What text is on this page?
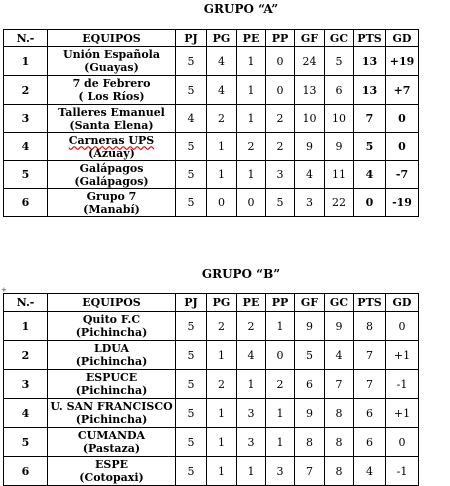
GRUPO “A”
N.-	EQUIPOS	PJ	PG	PE	PP	GF	GC	PTS	GD
1	Unión Española
(Guayas)	5	4	1	0	24	5	13	+19
2	7 de Febrero
( Los Ríos)	5	4	1	0	13	6	13	+7
3	Talleres Emanuel
(Santa Elena)	4	2	1	2	10	10	7	0
4	Carneras UPS
(Azuay)	5	1	2	2	9	9	5	0
5	Galápagos
(Galápagos)	5	1	1	3	4	11	4	-7
6	Grupo 7
(Manabí)	5	0	0	5	3	22	0	-19
+
GRUPO “B”
N.-	EQUIPOS	PJ	PG	PE	PP	GF	GC	PTS	GD
1	Quito F.C
(Pichincha)	5	2	2	1	9	9	8	0
2	LDUA
(Pichincha)	5	1	4	0	5	4	7	+1
3	ESPUCE
(Pichincha)	5	2	1	2	6	7	7	-1
4	U. SAN FRANCISCO
(Pichincha)	5	1	3	1	9	8	6	+1
5	CUMANDA
(Pastaza)	5	1	3	1	8	8	6	0
6	ESPE
(Cotopaxi)	5	1	1	3	7	8	4	-1
